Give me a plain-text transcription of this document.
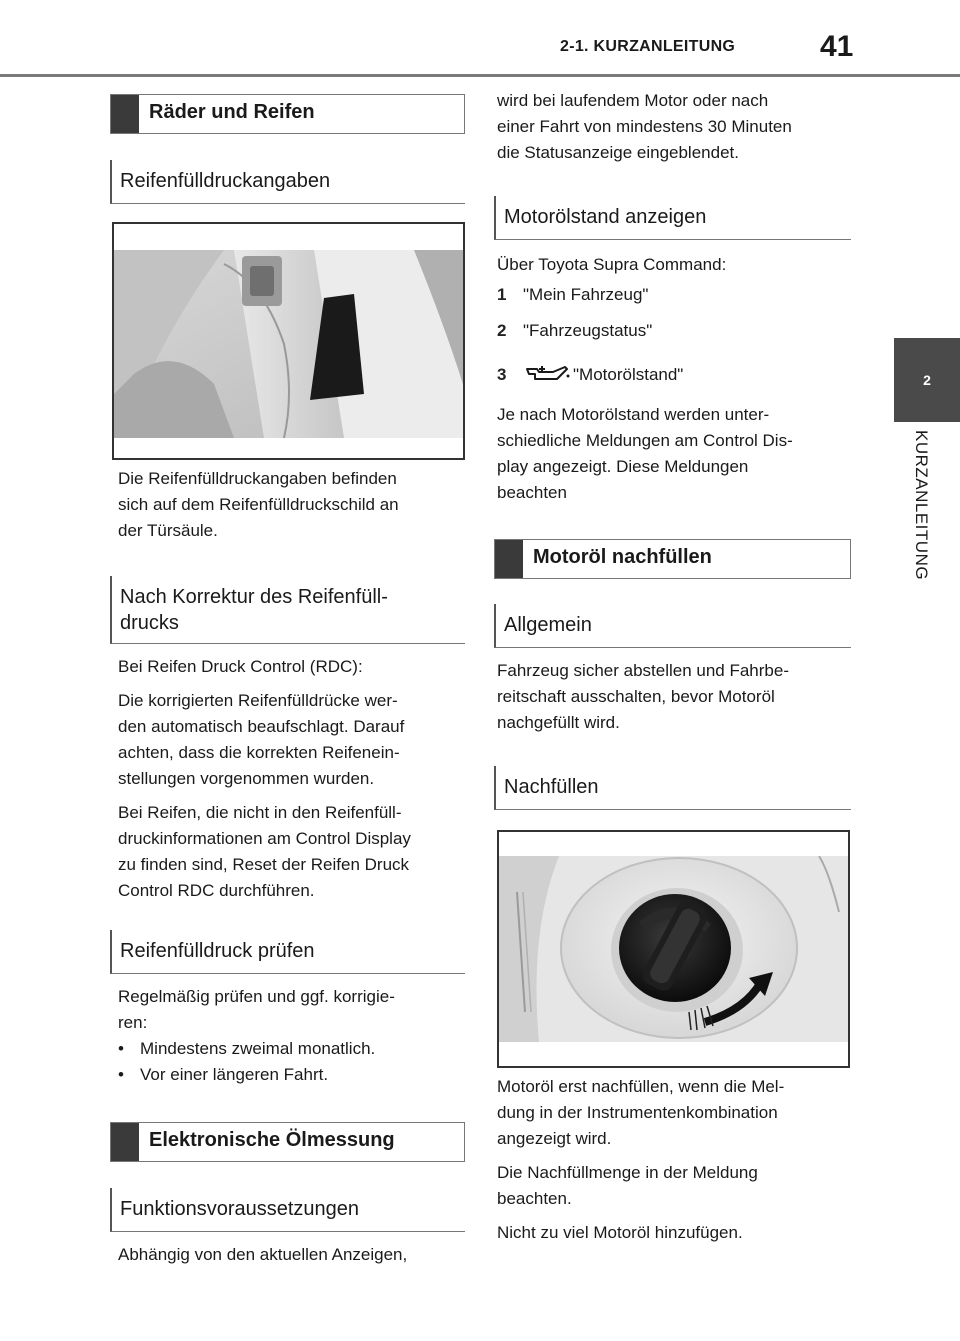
2-1. KURZANLEITUNG	41
2
KURZANLEITUNG
Räder und Reifen
Reifenfülldruckangaben
Die Reifenfülldruckangaben befinden
sich auf dem Reifenfülldruckschild an
der Türsäule.
Nach Korrektur des Reifenfüll-
drucks
Bei Reifen Druck Control (RDC):
Die korrigierten Reifenfülldrücke wer-
den automatisch beaufschlagt. Darauf
achten, dass die korrekten Reifenein-
stellungen vorgenommen wurden.
Bei Reifen, die nicht in den Reifenfüll-
druckinformationen am Control Display
zu finden sind, Reset der Reifen Druck
Control RDC durchführen.
Reifenfülldruck prüfen
Regelmäßig prüfen und ggf. korrigie-
ren:
• Mindestens zweimal monatlich.
• Vor einer längeren Fahrt.
Elektronische Ölmessung
Funktionsvoraussetzungen
Abhängig von den aktuellen Anzeigen,
wird bei laufendem Motor oder nach
einer Fahrt von mindestens 30 Minuten
die Statusanzeige eingeblendet.
Motorölstand anzeigen
Über Toyota Supra Command:
1 "Mein Fahrzeug"
2 "Fahrzeugstatus"
3	"Motorölstand"
Je nach Motorölstand werden unter-
schiedliche Meldungen am Control Dis-
play angezeigt. Diese Meldungen
beachten
Motoröl nachfüllen
Allgemein
Fahrzeug sicher abstellen und Fahrbe-
reitschaft ausschalten, bevor Motoröl
nachgefüllt wird.
Nachfüllen
Motoröl erst nachfüllen, wenn die Mel-
dung in der Instrumentenkombination
angezeigt wird.
Die Nachfüllmenge in der Meldung
beachten.
Nicht zu viel Motoröl hinzufügen.
